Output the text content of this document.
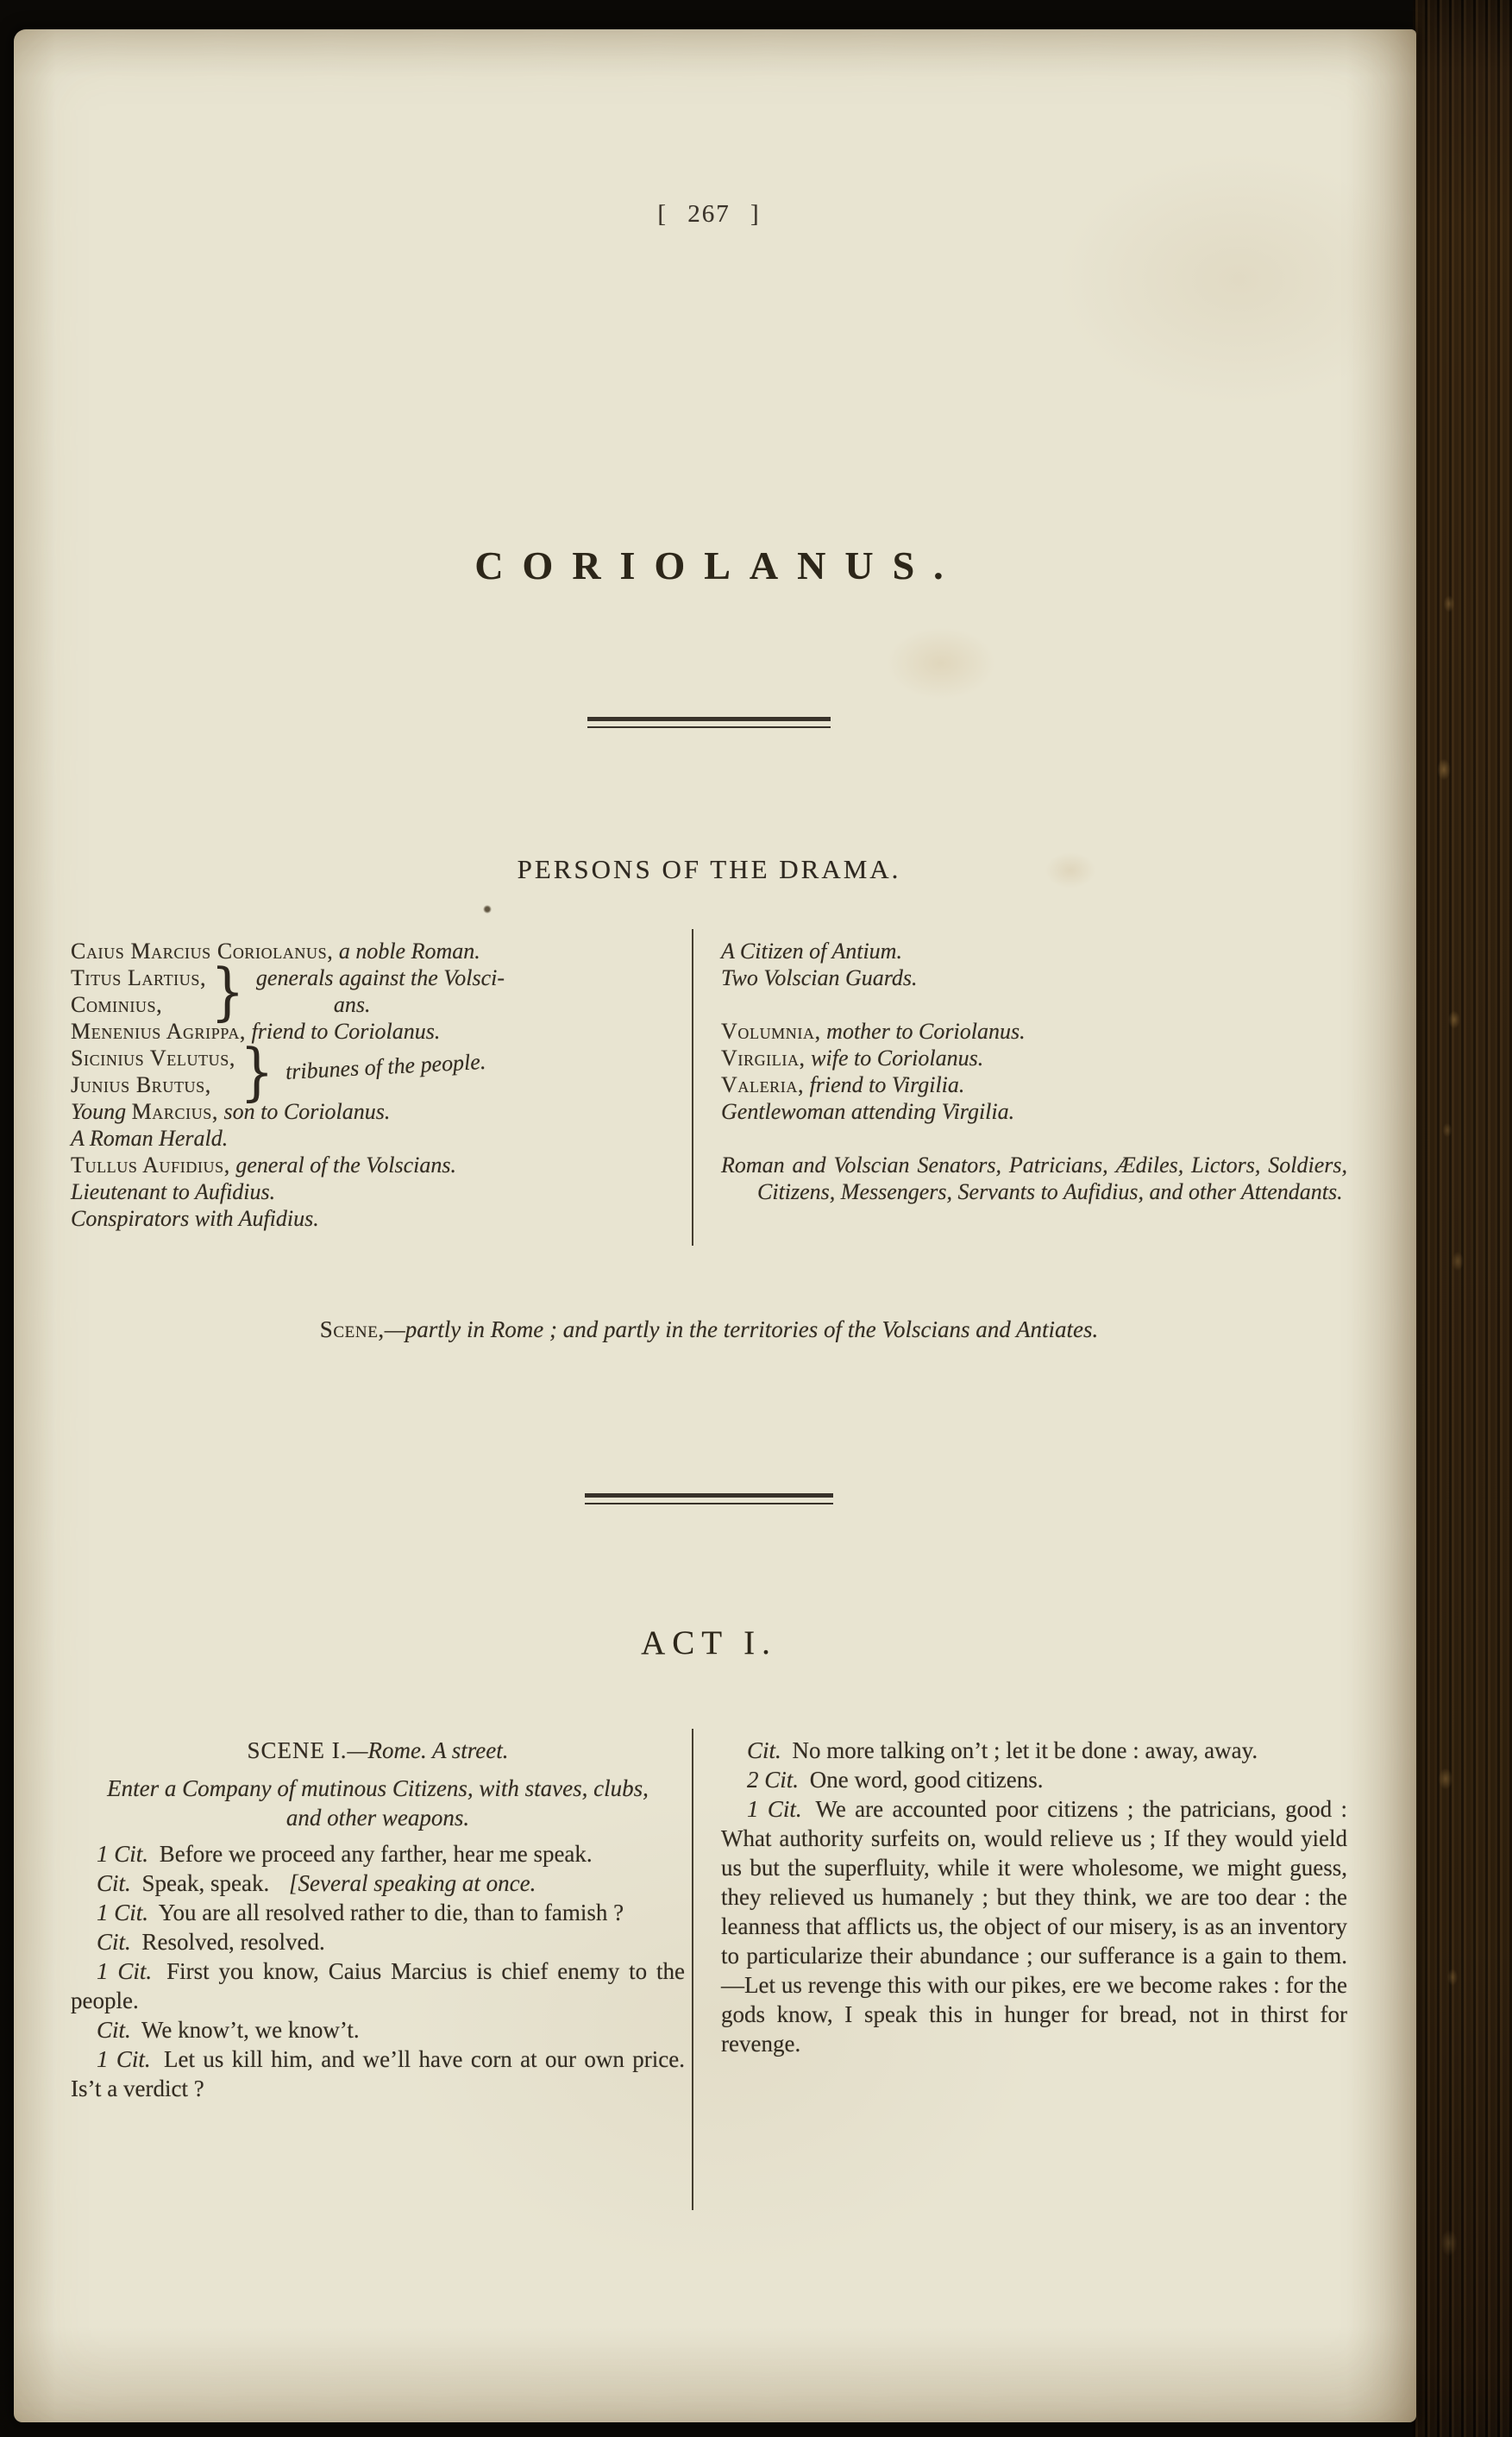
[ 267 ]
CORIOLANUS.
PERSONS OF THE DRAMA.
Caius Marcius Coriolanus, a noble Roman.
Titus Lartius,
Cominius, } generals against the Volsci-
ans.
Menenius Agrippa, friend to Coriolanus.
Sicinius Velutus,
Junius Brutus, } tribunes of the people.
Young Marcius, son to Coriolanus.
A Roman Herald.
Tullus Aufidius, general of the Volscians.
Lieutenant to Aufidius.
Conspirators with Aufidius.
A Citizen of Antium.
Two Volscian Guards.
Volumnia, mother to Coriolanus.
Virgilia, wife to Coriolanus.
Valeria, friend to Virgilia.
Gentlewoman attending Virgilia.
Roman and Volscian Senators, Patricians, Ædiles, Lictors, Soldiers, Citizens, Messengers, Servants to Aufidius, and other Attendants.
Scene,—partly in Rome ; and partly in the territories of the Volscians and Antiates.
ACT I.
SCENE I.—Rome. A street.
Enter a Company of mutinous Citizens, with staves, clubs, and other weapons.

1 Cit. Before we proceed any farther, hear me speak.

Cit. Speak, speak. [Several speaking at once.

1 Cit. You are all resolved rather to die, than to famish ?

Cit. Resolved, resolved.

1 Cit. First you know, Caius Marcius is chief enemy to the people.

Cit. We know’t, we know’t.

1 Cit. Let us kill him, and we’ll have corn at our own price. Is’t a verdict ?

Cit. No more talking on’t ; let it be done : away, away.

2 Cit. One word, good citizens.

1 Cit. We are accounted poor citizens ; the patricians, good : What authority surfeits on, would relieve us ; If they would yield us but the superfluity, while it were wholesome, we might guess, they relieved us humanely ; but they think, we are too dear : the leanness that afflicts us, the object of our misery, is as an inventory to particularize their abundance ; our sufferance is a gain to them.—Let us revenge this with our pikes, ere we become rakes : for the gods know, I speak this in hunger for bread, not in thirst for revenge.
